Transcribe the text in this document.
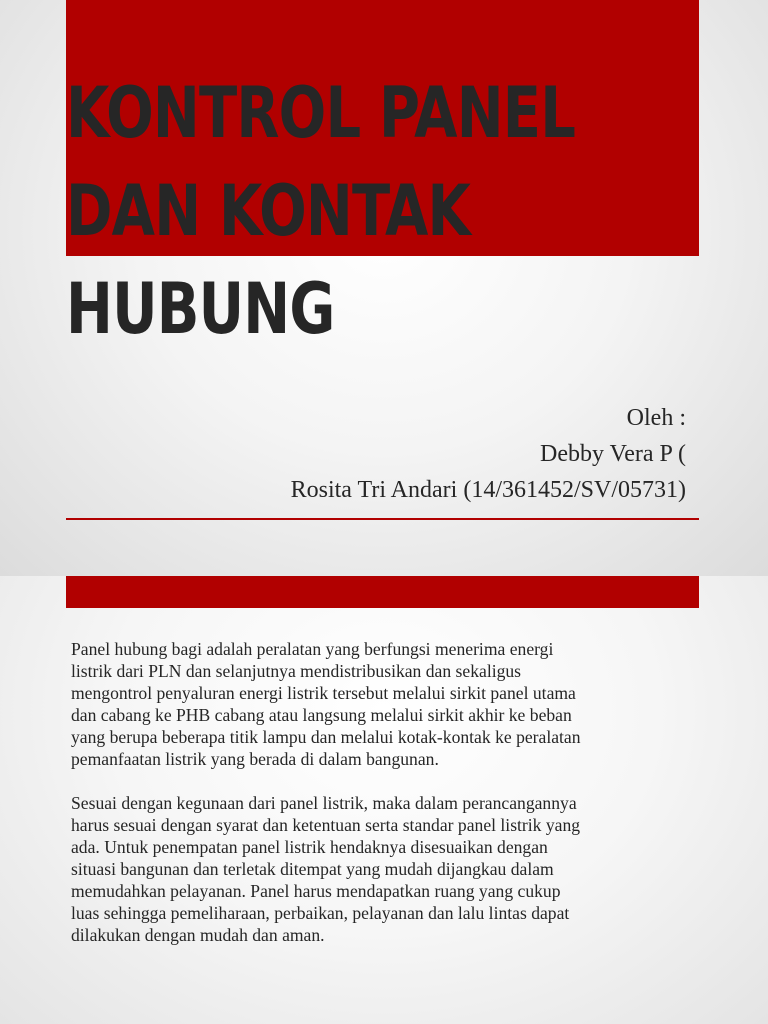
KONTROL PANEL
DAN KONTAK
HUBUNG
Oleh :
Debby Vera P (
Rosita Tri Andari (14/361452/SV/05731)

Panel hubung bagi adalah peralatan yang berfungsi menerima energi
listrik dari PLN dan selanjutnya mendistribusikan dan sekaligus
mengontrol penyaluran energi listrik tersebut melalui sirkit panel utama
dan cabang ke PHB cabang atau langsung melalui sirkit akhir ke beban
yang berupa beberapa titik lampu dan melalui kotak-kontak ke peralatan
pemanfaatan listrik yang berada di dalam bangunan.

Sesuai dengan kegunaan dari panel listrik, maka dalam perancangannya
harus sesuai dengan syarat dan ketentuan serta standar panel listrik yang
ada. Untuk penempatan panel listrik hendaknya disesuaikan dengan
situasi bangunan dan terletak ditempat yang mudah dijangkau dalam
memudahkan pelayanan. Panel harus mendapatkan ruang yang cukup
luas sehingga pemeliharaan, perbaikan, pelayanan dan lalu lintas dapat
dilakukan dengan mudah dan aman.
